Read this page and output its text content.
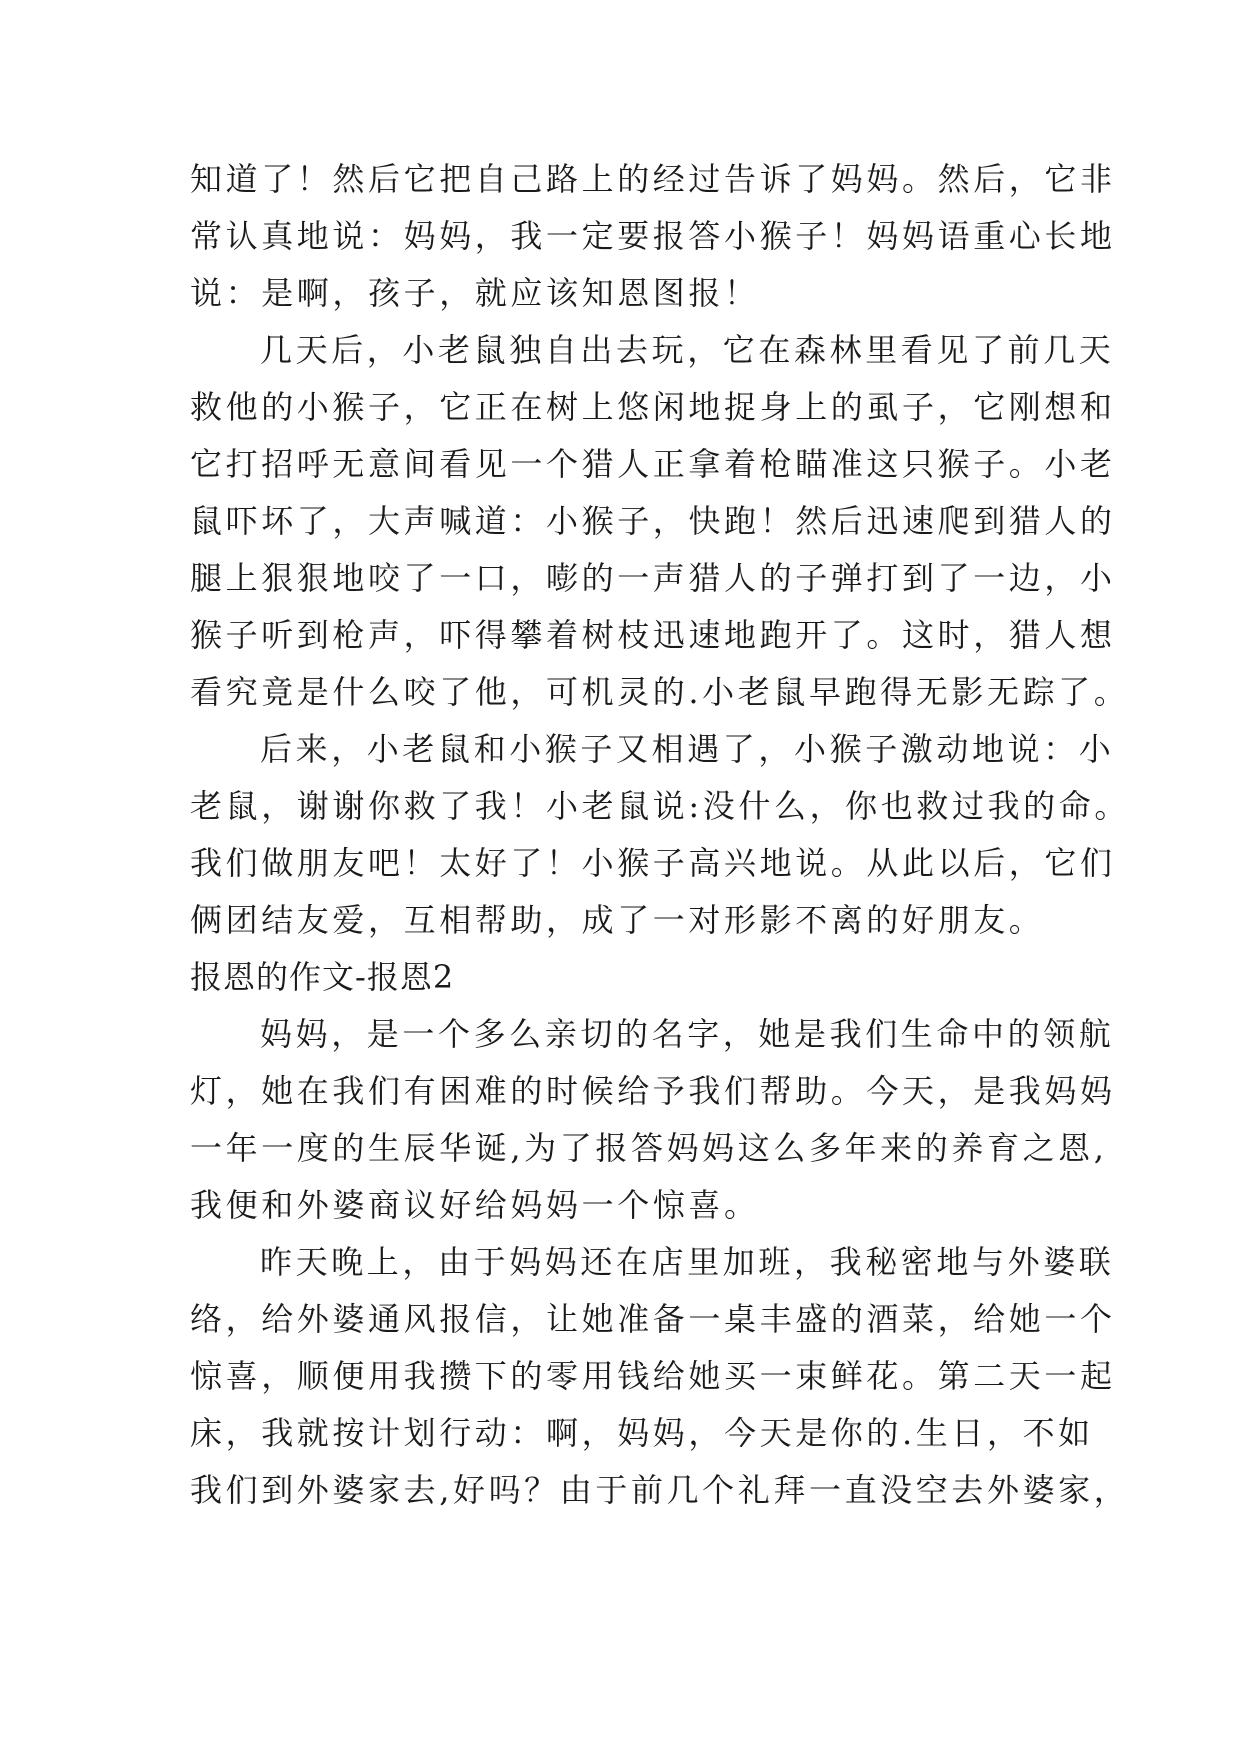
知道了！然后它把自己路上的经过告诉了妈妈。然后，它非
常认真地说：妈妈，我一定要报答小猴子！妈妈语重心长地
说：是啊，孩子，就应该知恩图报！
几天后，小老鼠独自出去玩，它在森林里看见了前几天
救他的小猴子，它正在树上悠闲地捉身上的虱子，它刚想和
它打招呼无意间看见一个猎人正拿着枪瞄准这只猴子。小老
鼠吓坏了，大声喊道：小猴子，快跑！然后迅速爬到猎人的
腿上狠狠地咬了一口，嘭的一声猎人的子弹打到了一边，小
猴子听到枪声，吓得攀着树枝迅速地跑开了。这时，猎人想
看究竟是什么咬了他，可机灵的.小老鼠早跑得无影无踪了。
后来，小老鼠和小猴子又相遇了，小猴子激动地说：小
老鼠，谢谢你救了我！小老鼠说:没什么，你也救过我的命。
我们做朋友吧！太好了！小猴子高兴地说。从此以后，它们
俩团结友爱，互相帮助，成了一对形影不离的好朋友。
报恩的作文-报恩2
妈妈，是一个多么亲切的名字，她是我们生命中的领航
灯，她在我们有困难的时候给予我们帮助。今天，是我妈妈
一年一度的生辰华诞,为了报答妈妈这么多年来的养育之恩,
我便和外婆商议好给妈妈一个惊喜。
昨天晚上，由于妈妈还在店里加班，我秘密地与外婆联
络，给外婆通风报信，让她准备一桌丰盛的酒菜，给她一个
惊喜，顺便用我攒下的零用钱给她买一束鲜花。第二天一起
床，我就按计划行动：啊，妈妈，今天是你的.生日，不如
我们到外婆家去,好吗？由于前几个礼拜一直没空去外婆家，
